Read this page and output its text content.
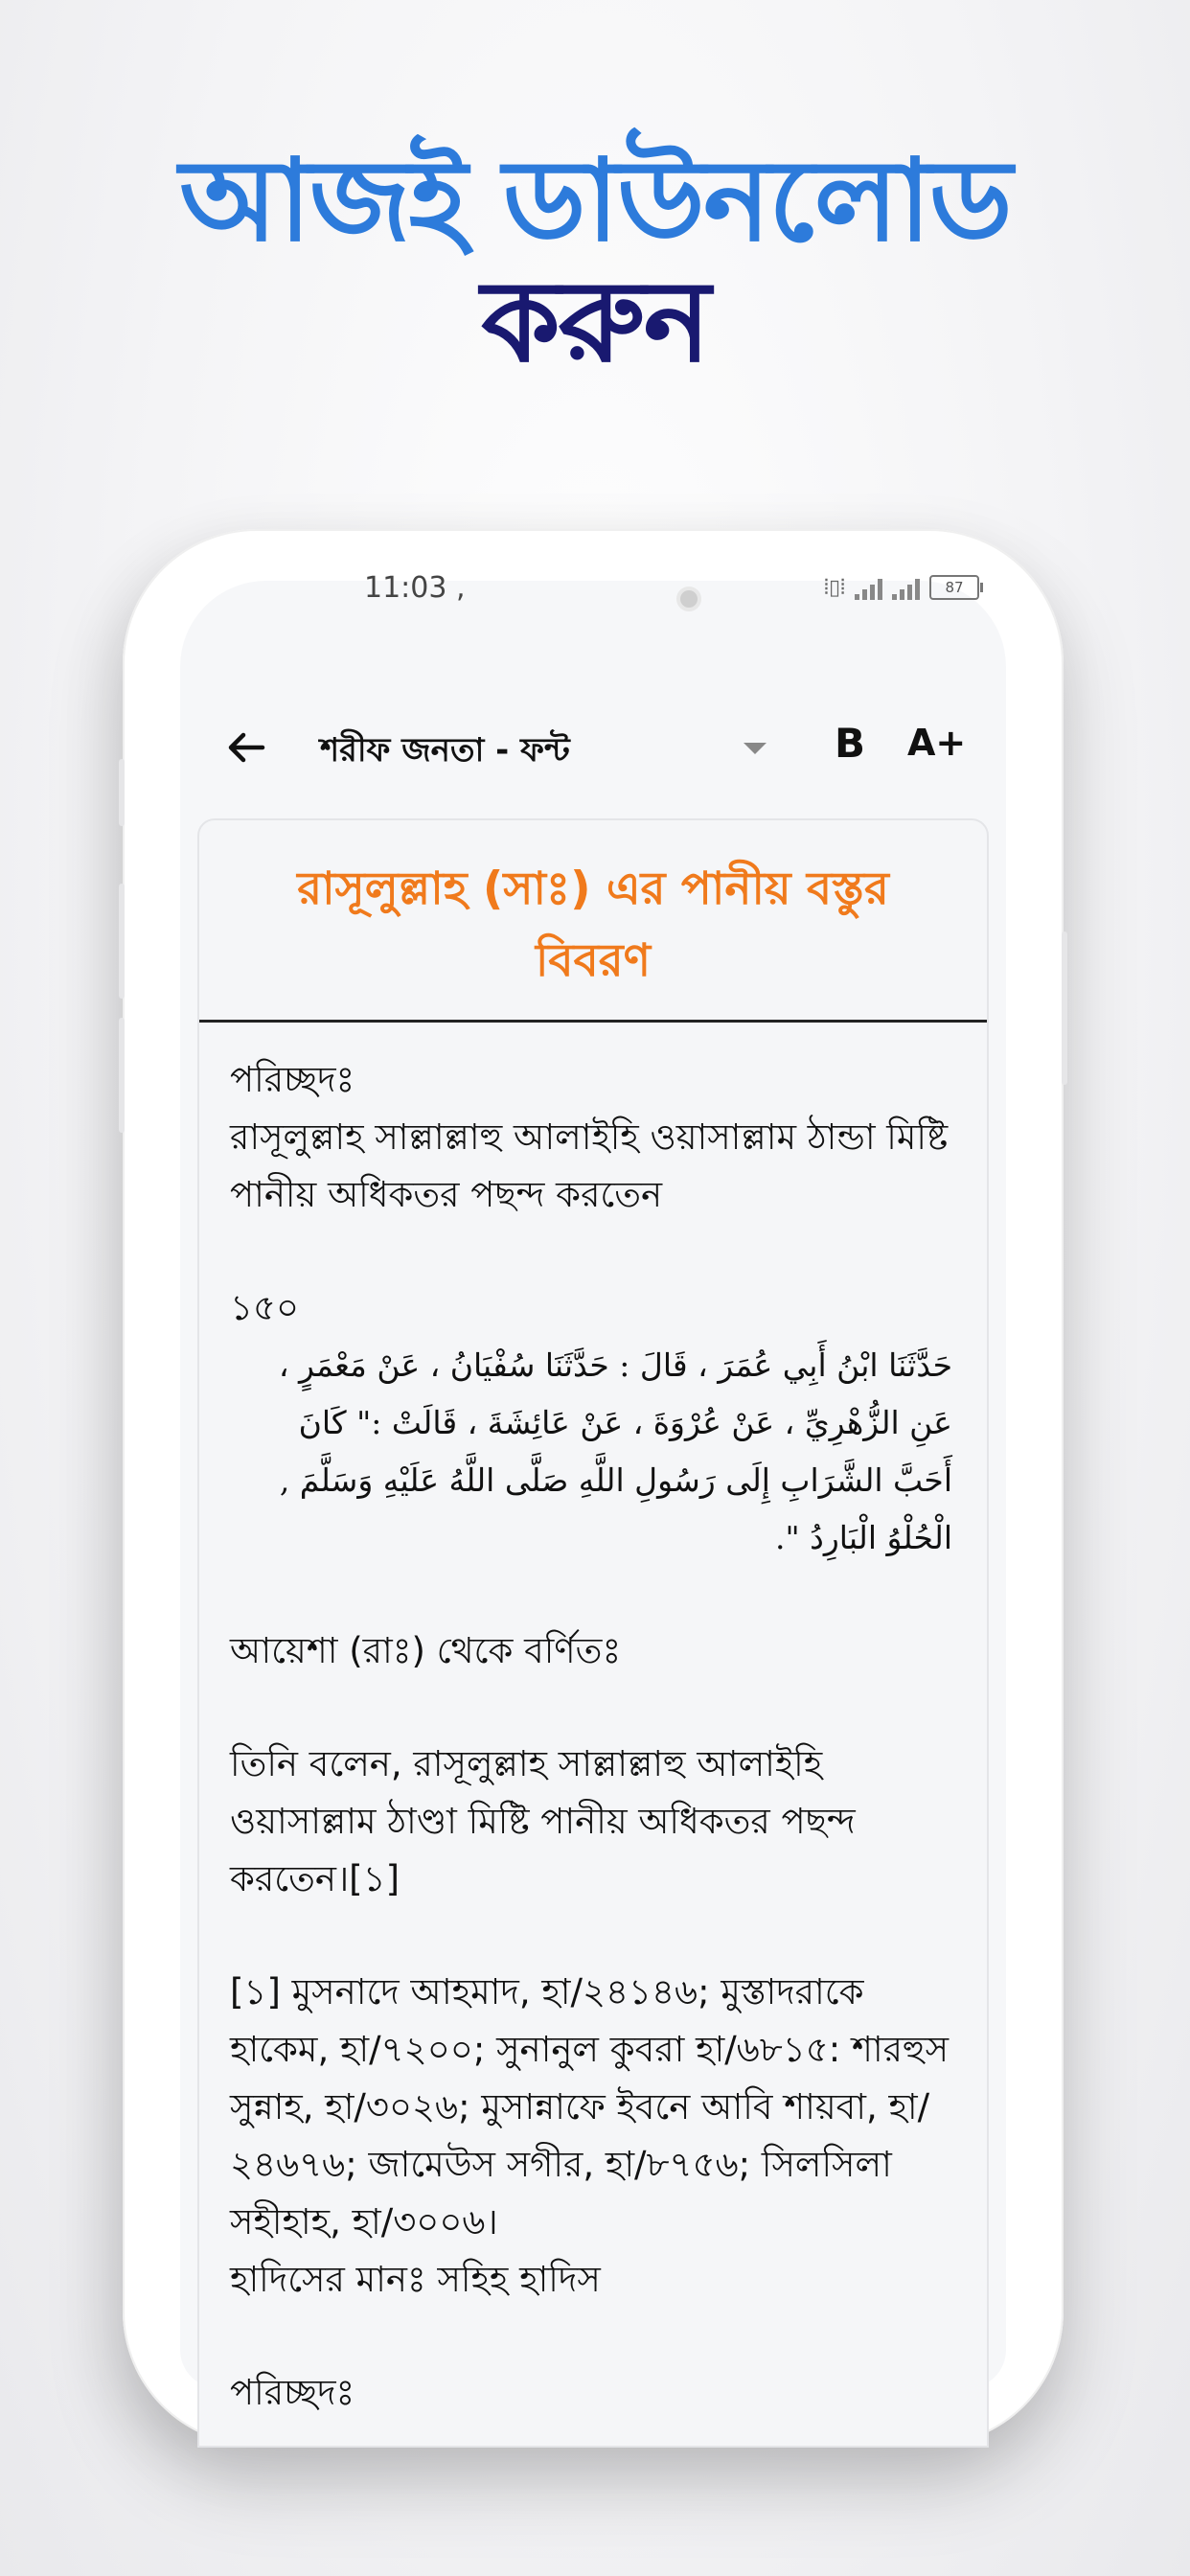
আজই ডাউনলোড
করুন
11:03 ,	⦙▯⦙	87
শরীফ জনতা - ফন্ট	B A+
রাসূলুল্লাহ (সাঃ) এর পানীয় বস্তুর বিবরণ

পরিচ্ছদঃ

রাসূলুল্লাহ সাল্লাল্লাহু আলাইহি ওয়াসাল্লাম ঠান্ডা মিষ্টি পানীয় অধিকতর পছন্দ করতেন

১৫০

حَدَّثَنَا ابْنُ أَبِي عُمَرَ ، قَالَ : حَدَّثَنَا سُفْيَانُ ، عَنْ مَعْمَرٍ ، عَنِ الزُّهْرِيِّ ، عَنْ عُرْوَةَ ، عَنْ عَائِشَةَ ، قَالَتْ :" كَانَ أَحَبَّ الشَّرَابِ إِلَى رَسُولِ اللَّهِ صَلَّى اللَّهُ عَلَيْهِ وَسَلَّمَ , الْحُلْوُ الْبَارِدُ ".

আয়েশা (রাঃ) থেকে বর্ণিতঃ

তিনি বলেন, রাসূলুল্লাহ সাল্লাল্লাহু আলাইহি ওয়াসাল্লাম ঠাণ্ডা মিষ্টি পানীয় অধিকতর পছন্দ করতেন।[১]

[১] মুসনাদে আহমাদ, হা/২৪১৪৬; মুস্তাদরাকে হাকেম, হা/৭২০০; সুনানুল কুবরা হা/৬৮১৫: শারহুস সুন্নাহ, হা/৩০২৬; মুসান্নাফে ইবনে আবি শায়বা, হা/২৪৬৭৬; জামেউস সগীর, হা/৮৭৫৬; সিলসিলা সহীহাহ, হা/৩০০৬।

হাদিসের মানঃ সহিহ হাদিস

পরিচ্ছদঃ
